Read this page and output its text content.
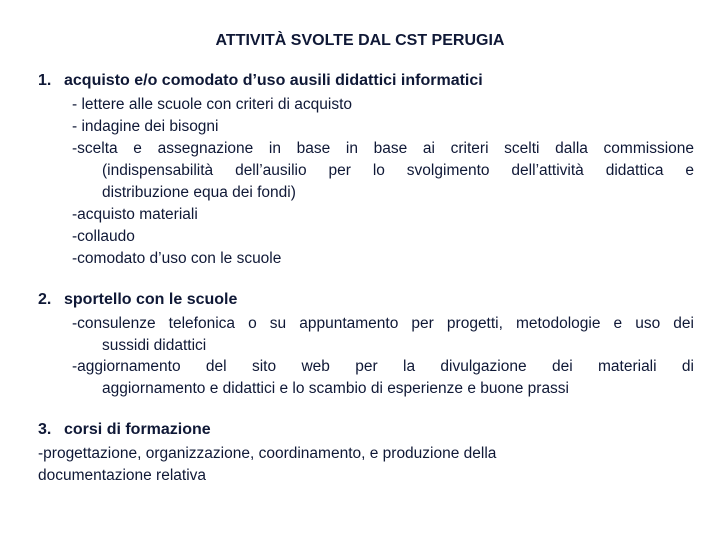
ATTIVITÀ SVOLTE DAL CST PERUGIA
1. acquisto e/o comodato d’uso ausili didattici informatici
- lettere alle scuole con criteri di acquisto
- indagine dei bisogni
-scelta e assegnazione in base in base ai criteri scelti dalla commissione
(indispensabilità dell’ausilio per lo svolgimento dell’attività didattica e
distribuzione equa dei fondi)
-acquisto materiali
-collaudo
-comodato d’uso con le scuole
2. sportello con le scuole
-consulenze telefonica o su appuntamento per progetti, metodologie e uso dei
sussidi didattici
-aggiornamento del sito web per la divulgazione dei materiali di
aggiornamento e didattici e lo scambio di esperienze e buone prassi
3. corsi di formazione
-progettazione, organizzazione, coordinamento, e produzione della
documentazione relativa
